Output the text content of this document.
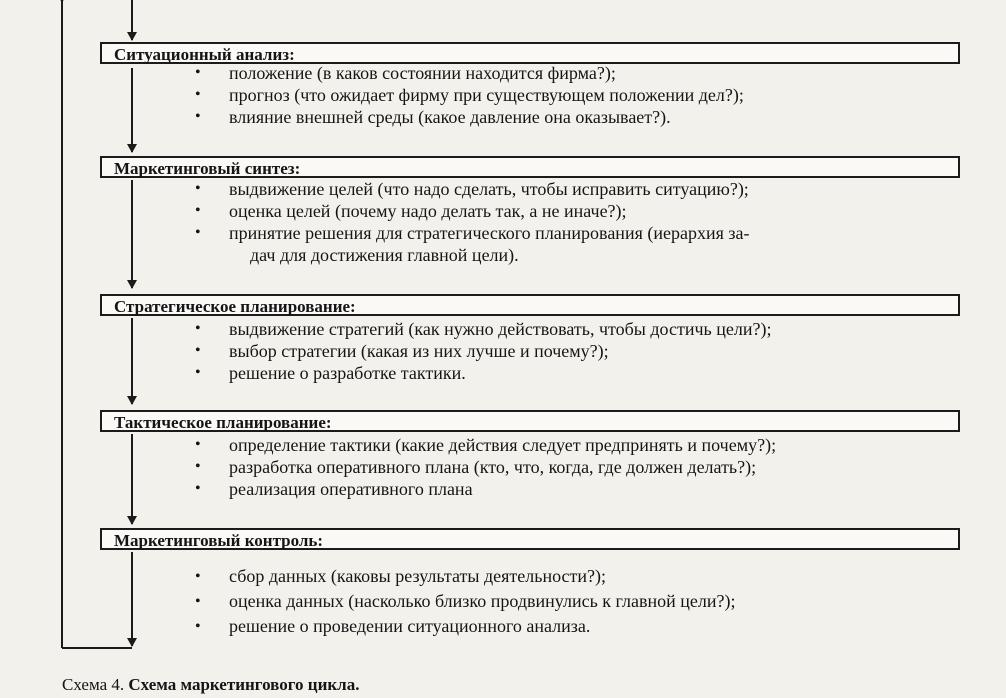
Ситуационный анализ:
• положение (в каков состоянии находится фирма?);
• прогноз (что ожидает фирму при существующем положении дел?);
• влияние внешней среды (какое давление она оказывает?).
Маркетинговый синтез:
• выдвижение целей (что надо сделать, чтобы исправить ситуацию?);
• оценка целей (почему надо делать так, а не иначе?);
• принятие решения для стратегического планирования (иерархия за-
дач для достижения главной цели).
Стратегическое планирование:
• выдвижение стратегий (как нужно действовать, чтобы достичь цели?);
• выбор стратегии (какая из них лучше и почему?);
• решение о разработке тактики.
Тактическое планирование:
• определение тактики (какие действия следует предпринять и почему?);
• разработка оперативного плана (кто, что, когда, где должен делать?);
• реализация оперативного плана
Маркетинговый контроль:
• сбор данных (каковы результаты деятельности?);
• оценка данных (насколько близко продвинулись к главной цели?);
• решение о проведении ситуационного анализа.
Схема 4. Схема маркетингового цикла.
